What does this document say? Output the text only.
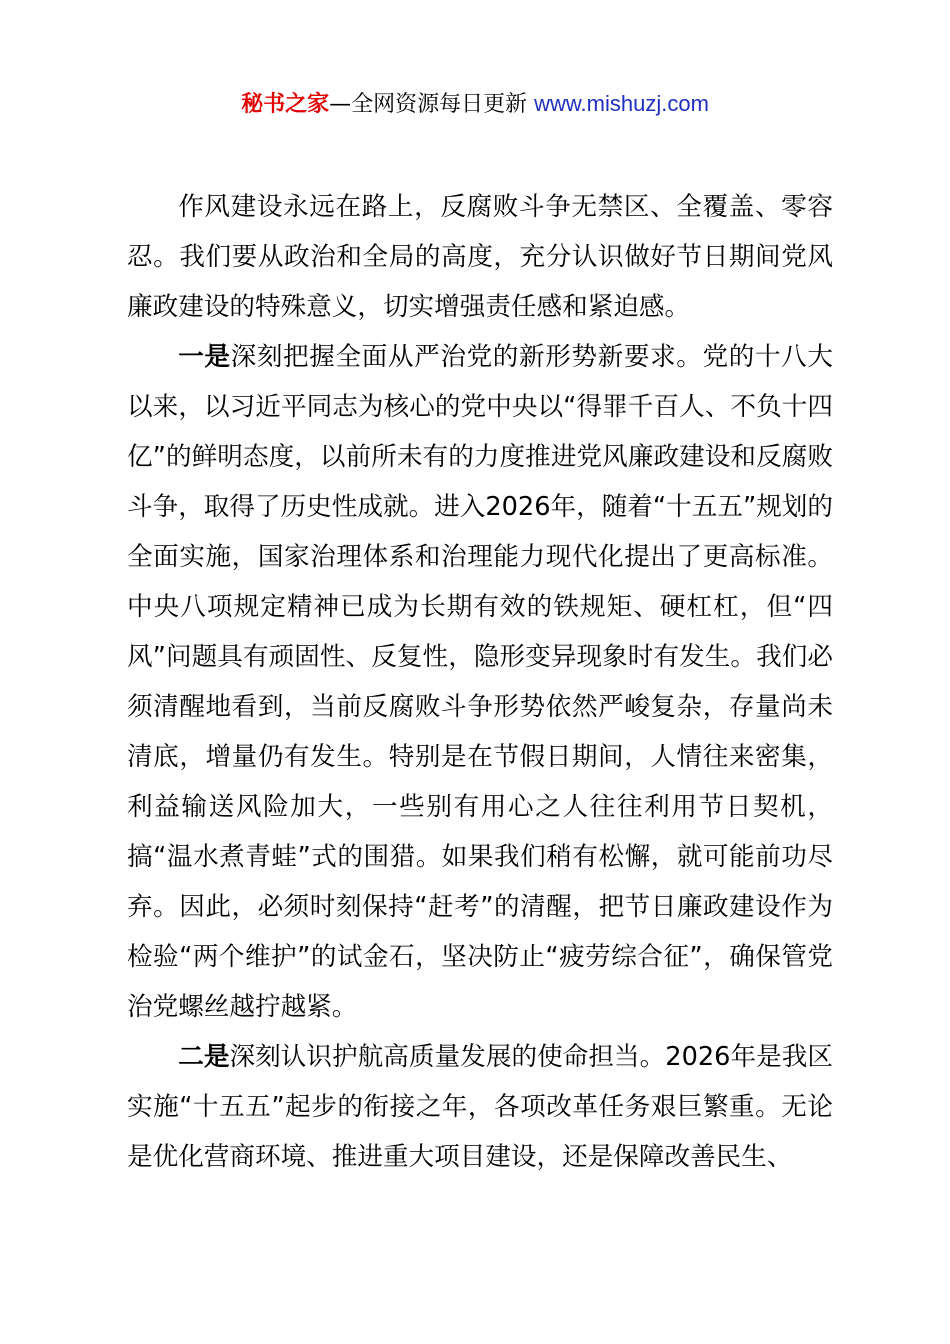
秘书之家—全网资源每日更新 www.mishuzj.com

作风建设永远在路上，反腐败斗争无禁区、全覆盖、零容忍。我们要从政治和全局的高度，充分认识做好节日期间党风廉政建设的特殊意义，切实增强责任感和紧迫感。

一是深刻把握全面从严治党的新形势新要求。党的十八大以来，以习近平同志为核心的党中央以“得罪千百人、不负十四亿”的鲜明态度，以前所未有的力度推进党风廉政建设和反腐败斗争，取得了历史性成就。进入2026年，随着“十五五”规划的全面实施，国家治理体系和治理能力现代化提出了更高标准。中央八项规定精神已成为长期有效的铁规矩、硬杠杠，但“四风”问题具有顽固性、反复性，隐形变异现象时有发生。我们必须清醒地看到，当前反腐败斗争形势依然严峻复杂，存量尚未清底，增量仍有发生。特别是在节假日期间，人情往来密集，利益输送风险加大，一些别有用心之人往往利用节日契机，搞“温水煮青蛙”式的围猎。如果我们稍有松懈，就可能前功尽弃。因此，必须时刻保持“赶考”的清醒，把节日廉政建设作为检验“两个维护”的试金石，坚决防止“疲劳综合征”，确保管党治党螺丝越拧越紧。

二是深刻认识护航高质量发展的使命担当。2026年是我区实施“十五五”起步的衔接之年，各项改革任务艰巨繁重。无论是优化营商环境、推进重大项目建设，还是保障改善民生、
